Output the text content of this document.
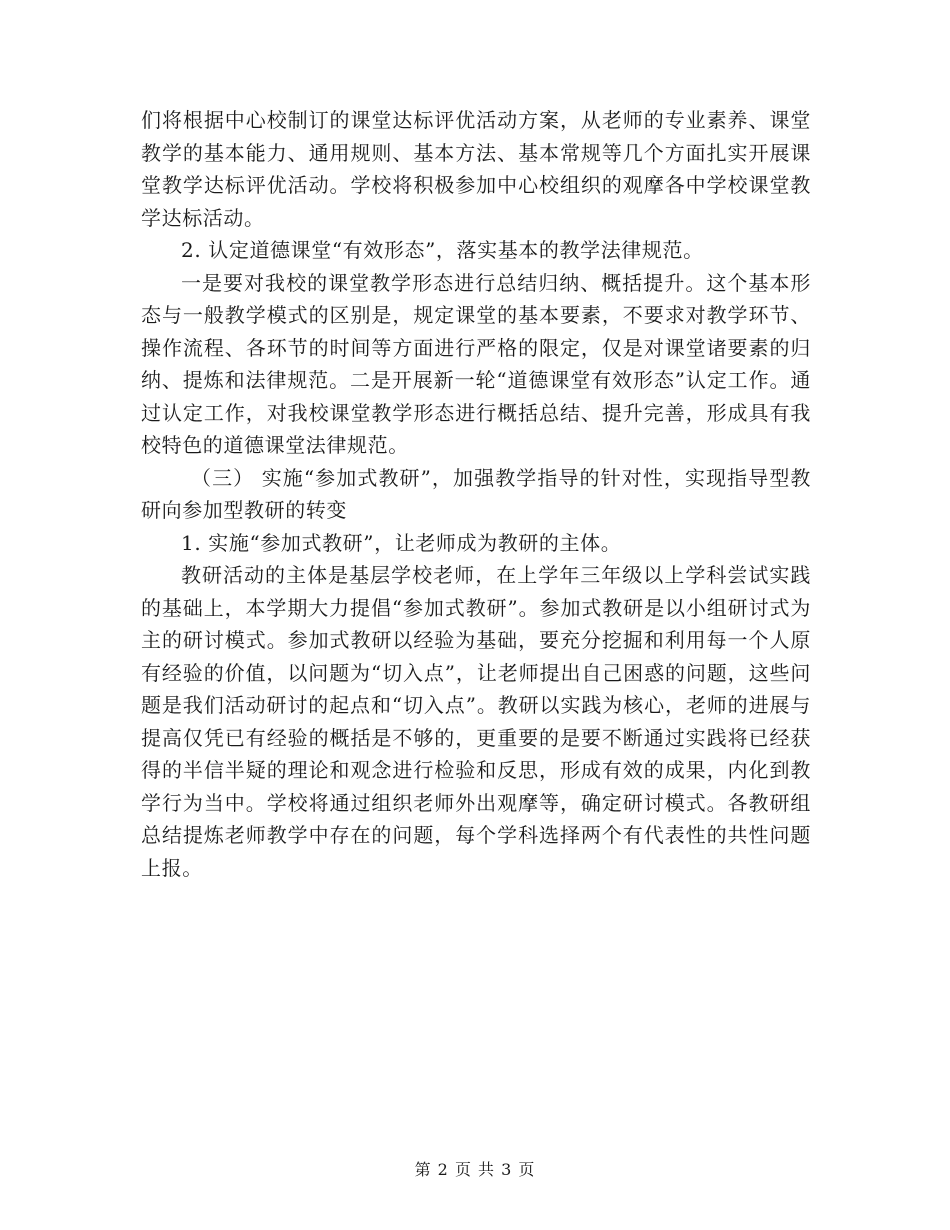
们将根据中心校制订的课堂达标评优活动方案，从老师的专业素养、课堂教学的基本能力、通用规则、基本方法、基本常规等几个方面扎实开展课堂教学达标评优活动。学校将积极参加中心校组织的观摩各中学校课堂教学达标活动。

2. 认定道德课堂“有效形态”，落实基本的教学法律规范。

一是要对我校的课堂教学形态进行总结归纳、概括提升。这个基本形态与一般教学模式的区别是，规定课堂的基本要素，不要求对教学环节、操作流程、各环节的时间等方面进行严格的限定，仅是对课堂诸要素的归纳、提炼和法律规范。二是开展新一轮“道德课堂有效形态”认定工作。通过认定工作，对我校课堂教学形态进行概括总结、提升完善，形成具有我校特色的道德课堂法律规范。

（三） 实施“参加式教研”，加强教学指导的针对性，实现指导型教研向参加型教研的转变

1. 实施“参加式教研”，让老师成为教研的主体。

教研活动的主体是基层学校老师，在上学年三年级以上学科尝试实践的基础上，本学期大力提倡“参加式教研”。参加式教研是以小组研讨式为主的研讨模式。参加式教研以经验为基础，要充分挖掘和利用每一个人原有经验的价值，以问题为“切入点”，让老师提出自己困惑的问题，这些问题是我们活动研讨的起点和“切入点”。教研以实践为核心，老师的进展与提高仅凭已有经验的概括是不够的，更重要的是要不断通过实践将已经获得的半信半疑的理论和观念进行检验和反思，形成有效的成果，内化到教学行为当中。学校将通过组织老师外出观摩等，确定研讨模式。各教研组总结提炼老师教学中存在的问题，每个学科选择两个有代表性的共性问题上报。

第 2 页 共 3 页
